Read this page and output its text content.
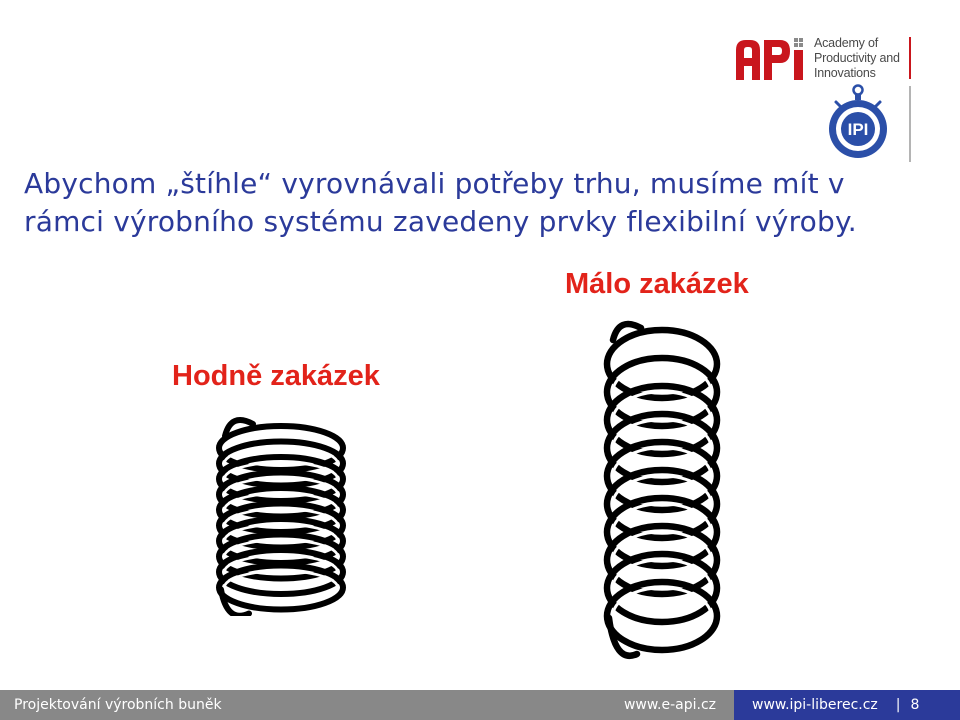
Academy of
Productivity and
Innovations
IPI

Abychom „štíhle“ vyrovnávali potřeby trhu, musíme mít v rámci výrobního systému zavedeny prvky flexibilní výroby.

Málo zakázek
Hodně zakázek
Projektování výrobních buněk	www.e-api.cz	www.ipi-liberec.cz | 8
